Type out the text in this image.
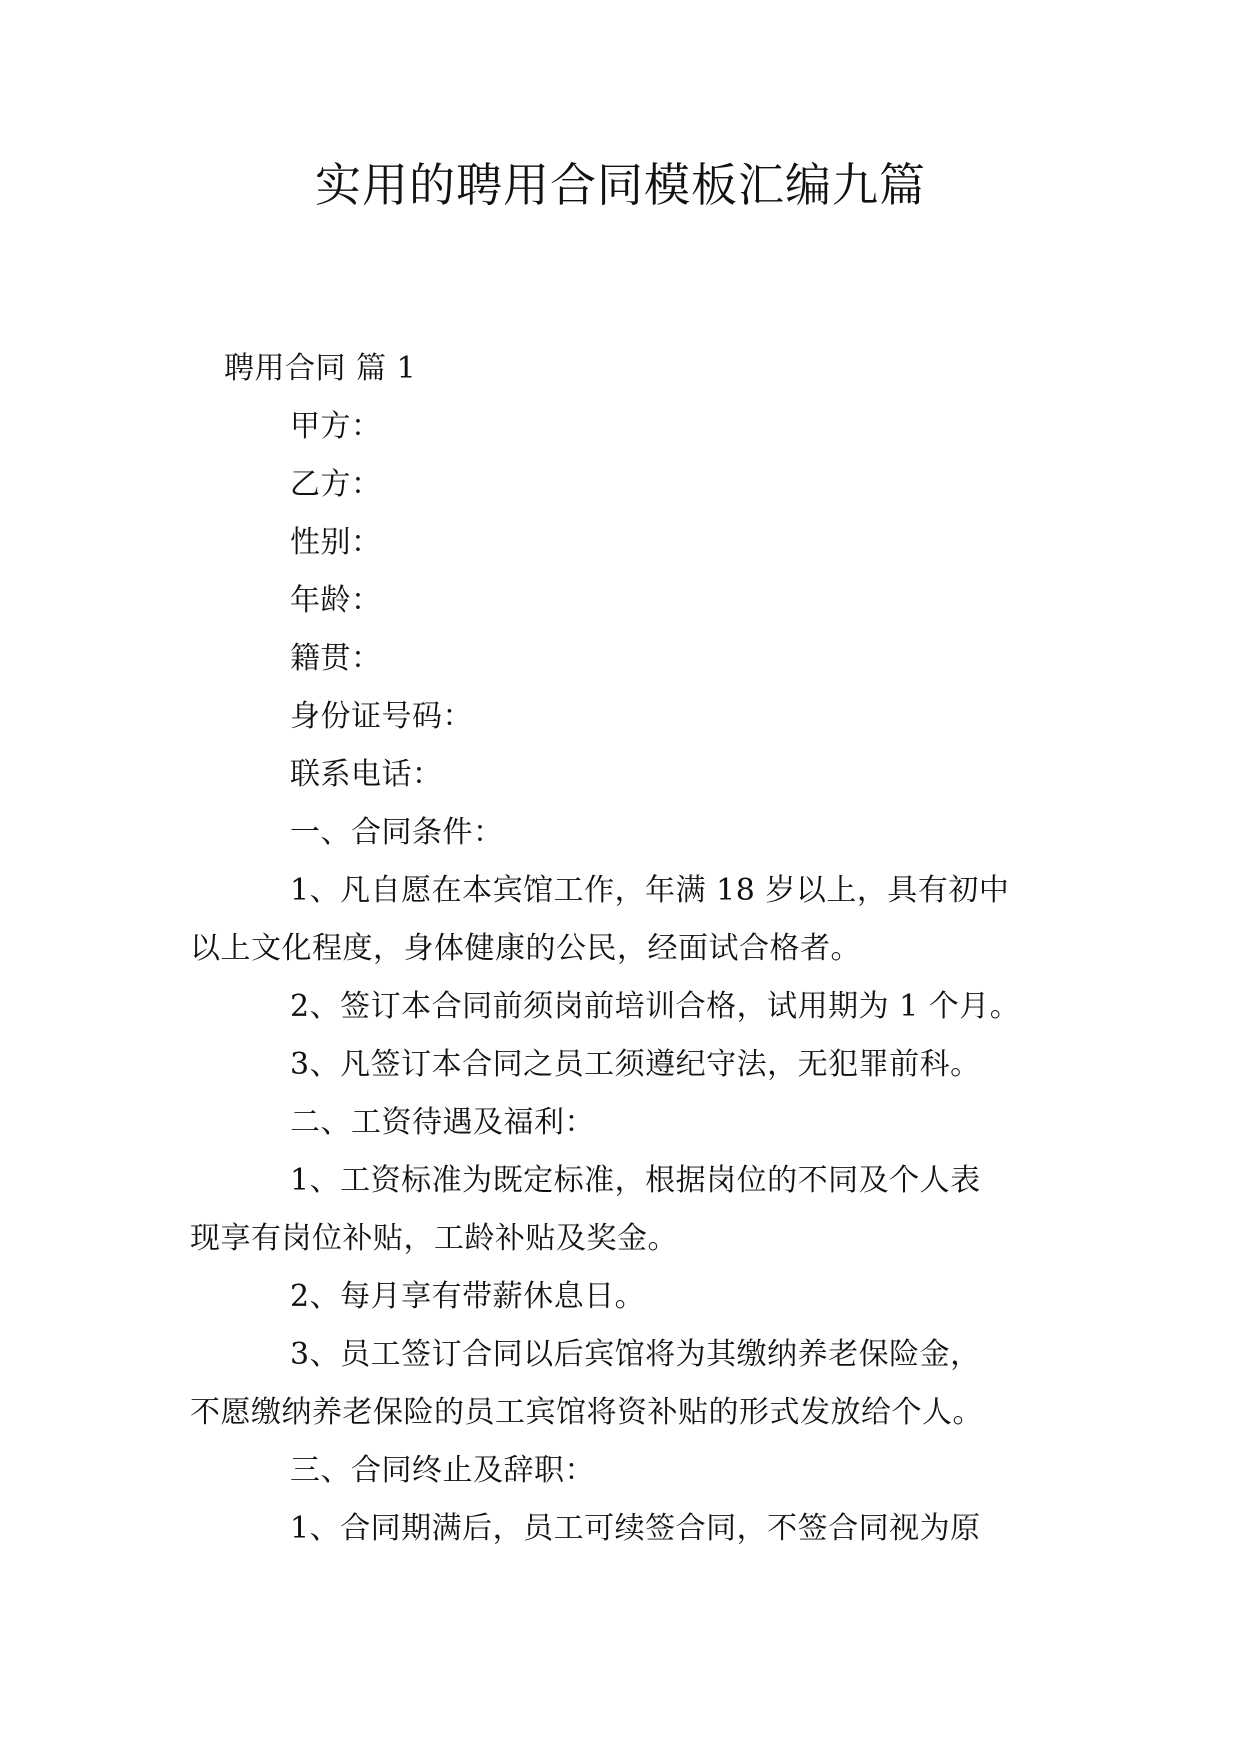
实用的聘用合同模板汇编九篇
聘用合同 篇 1
甲方：
乙方：
性别：
年龄：
籍贯：
身份证号码：
联系电话：
一、合同条件：
1、凡自愿在本宾馆工作，年满 18 岁以上，具有初中
以上文化程度，身体健康的公民，经面试合格者。
2、签订本合同前须岗前培训合格，试用期为 1 个月。
3、凡签订本合同之员工须遵纪守法，无犯罪前科。
二、工资待遇及福利：
1、工资标准为既定标准，根据岗位的不同及个人表
现享有岗位补贴，工龄补贴及奖金。
2、每月享有带薪休息日。
3、员工签订合同以后宾馆将为其缴纳养老保险金，
不愿缴纳养老保险的员工宾馆将资补贴的形式发放给个人。
三、合同终止及辞职：
1、合同期满后，员工可续签合同，不签合同视为原
